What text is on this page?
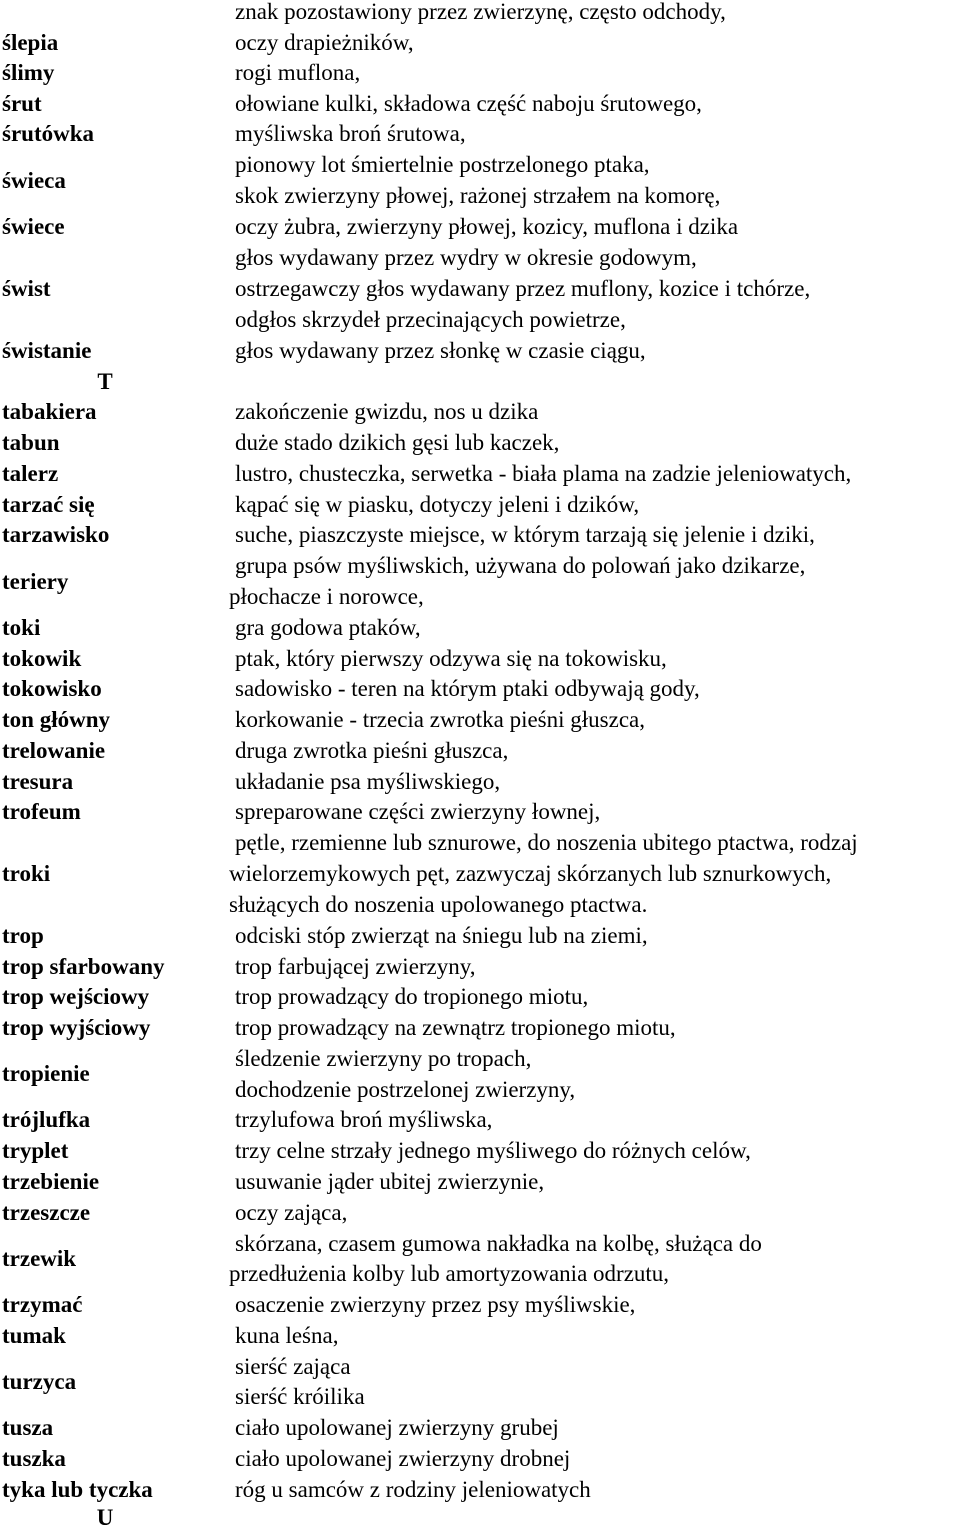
ślepia
ślimy
śrut
śrutówka
świeca
świece
świst
świstanie
znak pozostawiony przez zwierzynę, często odchody,
oczy drapieżników,
rogi muflona,
ołowiane kulki, składowa część naboju śrutowego,
myśliwska broń śrutowa,
pionowy lot śmiertelnie postrzelonego ptaka,
skok zwierzyny płowej, rażonej strzałem na komorę,
oczy żubra, zwierzyny płowej, kozicy, muflona i dzika
głos wydawany przez wydry w okresie godowym,
ostrzegawczy głos wydawany przez muflony, kozice i tchórze,
odgłos skrzydeł przecinających powietrze,
głos wydawany przez słonkę w czasie ciągu,
T
tabakiera
tabun
talerz
tarzać się
tarzawisko
teriery
toki
tokowik
tokowisko
ton główny
trelowanie
tresura
trofeum
troki
trop
trop sfarbowany
trop wejściowy
trop wyjściowy
tropienie
trójlufka
tryplet
trzebienie
trzeszcze
trzewik
trzymać
tumak
turzyca
tusza
tuszka
tyka lub tyczka
zakończenie gwizdu, nos u dzika
duże stado dzikich gęsi lub kaczek,
lustro, chusteczka, serwetka - biała plama na zadzie jeleniowatych,
kąpać się w piasku, dotyczy jeleni i dzików,
suche, piaszczyste miejsce, w którym tarzają się jelenie i dziki,
grupa psów myśliwskich, używana do polowań jako dzikarze,
płochacze i norowce,
gra godowa ptaków,
ptak, który pierwszy odzywa się na tokowisku,
sadowisko - teren na którym ptaki odbywają gody,
korkowanie - trzecia zwrotka pieśni głuszca,
druga zwrotka pieśni głuszca,
układanie psa myśliwskiego,
spreparowane części zwierzyny łownej,
pętle, rzemienne lub sznurowe, do noszenia ubitego ptactwa, rodzaj
wielorzemykowych pęt, zazwyczaj skórzanych lub sznurkowych,
służących do noszenia upolowanego ptactwa.
odciski stóp zwierząt na śniegu lub na ziemi,
trop farbującej zwierzyny,
trop prowadzący do tropionego miotu,
trop prowadzący na zewnątrz tropionego miotu,
śledzenie zwierzyny po tropach,
dochodzenie postrzelonej zwierzyny,
trzylufowa broń myśliwska,
trzy celne strzały jednego myśliwego do różnych celów,
usuwanie jąder ubitej zwierzynie,
oczy zająca,
skórzana, czasem gumowa nakładka na kolbę, służąca do
przedłużenia kolby lub amortyzowania odrzutu,
osaczenie zwierzyny przez psy myśliwskie,
kuna leśna,
sierść zająca
sierść króilika
ciało upolowanej zwierzyny grubej
ciało upolowanej zwierzyny drobnej
róg u samców z rodziny jeleniowatych
U
